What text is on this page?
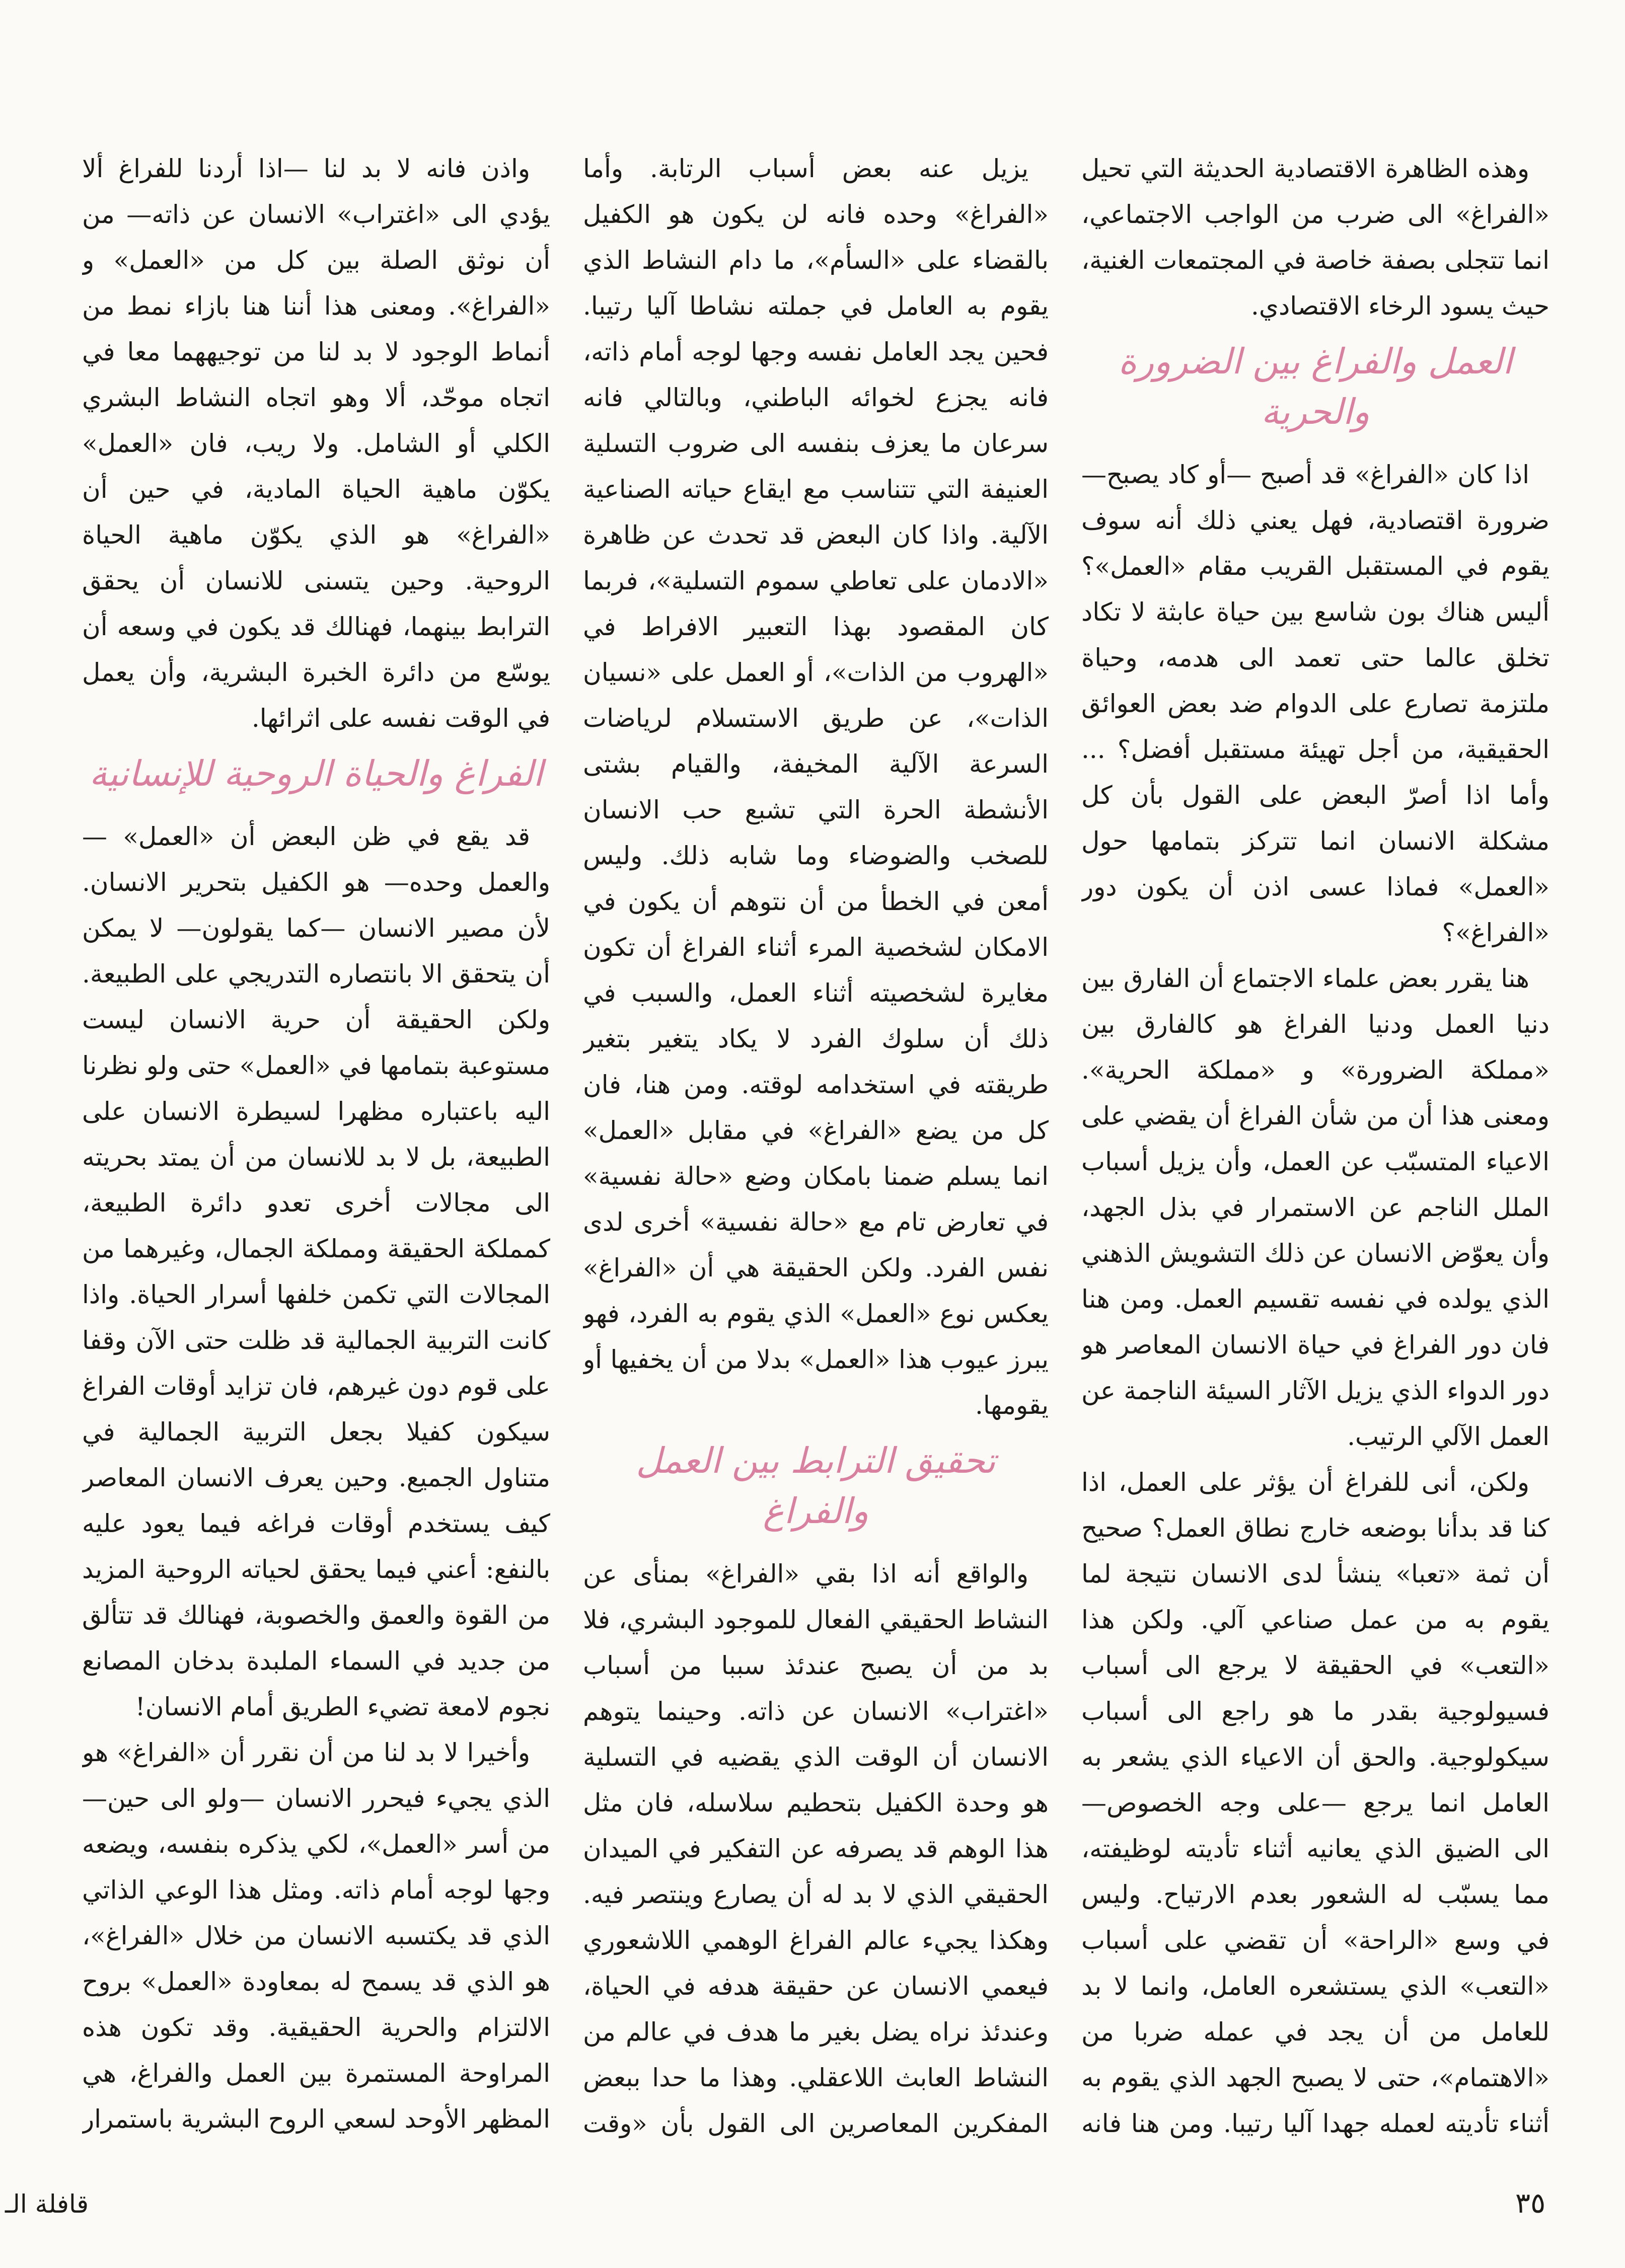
وهذه الظاهرة الاقتصادية الحديثة التي تحيل «الفراغ» الى ضرب من الواجب الاجتماعي، انما تتجلى بصفة خاصة في المجتمعات الغنية، حيث يسود الرخاء الاقتصادي.

العمل والفراغ بين الضرورة والحرية

اذا كان «الفراغ» قد أصبح —أو كاد يصبح— ضرورة اقتصادية، فهل يعني ذلك أنه سوف يقوم في المستقبل القريب مقام «العمل»؟ أليس هناك بون شاسع بين حياة عابثة لا تكاد تخلق عالما حتى تعمد الى هدمه، وحياة ملتزمة تصارع على الدوام ضد بعض العوائق الحقيقية، من أجل تهيئة مستقبل أفضل؟ ... وأما اذا أصرّ البعض على القول بأن كل مشكلة الانسان انما تتركز بتمامها حول «العمل» فماذا عسى اذن أن يكون دور «الفراغ»؟

هنا يقرر بعض علماء الاجتماع أن الفارق بين دنيا العمل ودنيا الفراغ هو كالفارق بين «مملكة الضرورة» و «مملكة الحرية». ومعنى هذا أن من شأن الفراغ أن يقضي على الاعياء المتسبّب عن العمل، وأن يزيل أسباب الملل الناجم عن الاستمرار في بذل الجهد، وأن يعوّض الانسان عن ذلك التشويش الذهني الذي يولده في نفسه تقسيم العمل. ومن هنا فان دور الفراغ في حياة الانسان المعاصر هو دور الدواء الذي يزيل الآثار السيئة الناجمة عن العمل الآلي الرتيب.

ولكن، أنى للفراغ أن يؤثر على العمل، اذا كنا قد بدأنا بوضعه خارج نطاق العمل؟ صحيح أن ثمة «تعبا» ينشأ لدى الانسان نتيجة لما يقوم به من عمل صناعي آلي. ولكن هذا «التعب» في الحقيقة لا يرجع الى أسباب فسيولوجية بقدر ما هو راجع الى أسباب سيكولوجية. والحق أن الاعياء الذي يشعر به العامل انما يرجع —على وجه الخصوص— الى الضيق الذي يعانيه أثناء تأديته لوظيفته، مما يسبّب له الشعور بعدم الارتياح. وليس في وسع «الراحة» أن تقضي على أسباب «التعب» الذي يستشعره العامل، وانما لا بد للعامل من أن يجد في عمله ضربا من «الاهتمام»، حتى لا يصبح الجهد الذي يقوم به أثناء تأديته لعمله جهدا آليا رتيبا. ومن هنا فانه

يزيل عنه بعض أسباب الرتابة. وأما «الفراغ» وحده فانه لن يكون هو الكفيل بالقضاء على «السأم»، ما دام النشاط الذي يقوم به العامل في جملته نشاطا آليا رتيبا. فحين يجد العامل نفسه وجها لوجه أمام ذاته، فانه يجزع لخوائه الباطني، وبالتالي فانه سرعان ما يعزف بنفسه الى ضروب التسلية العنيفة التي تتناسب مع ايقاع حياته الصناعية الآلية. واذا كان البعض قد تحدث عن ظاهرة «الادمان على تعاطي سموم التسلية»، فربما كان المقصود بهذا التعبير الافراط في «الهروب من الذات»، أو العمل على «نسيان الذات»، عن طريق الاستسلام لرياضات السرعة الآلية المخيفة، والقيام بشتى الأنشطة الحرة التي تشبع حب الانسان للصخب والضوضاء وما شابه ذلك. وليس أمعن في الخطأ من أن نتوهم أن يكون في الامكان لشخصية المرء أثناء الفراغ أن تكون مغايرة لشخصيته أثناء العمل، والسبب في ذلك أن سلوك الفرد لا يكاد يتغير بتغير طريقته في استخدامه لوقته. ومن هنا، فان كل من يضع «الفراغ» في مقابل «العمل» انما يسلم ضمنا بامكان وضع «حالة نفسية» في تعارض تام مع «حالة نفسية» أخرى لدى نفس الفرد. ولكن الحقيقة هي أن «الفراغ» يعكس نوع «العمل» الذي يقوم به الفرد، فهو يبرز عيوب هذا «العمل» بدلا من أن يخفيها أو يقومها.

تحقيق الترابط بين العمل والفراغ

والواقع أنه اذا بقي «الفراغ» بمنأى عن النشاط الحقيقي الفعال للموجود البشري، فلا بد من أن يصبح عندئذ سببا من أسباب «اغتراب» الانسان عن ذاته. وحينما يتوهم الانسان أن الوقت الذي يقضيه في التسلية هو وحدة الكفيل بتحطيم سلاسله، فان مثل هذا الوهم قد يصرفه عن التفكير في الميدان الحقيقي الذي لا بد له أن يصارع وينتصر فيه. وهكذا يجيء عالم الفراغ الوهمي اللاشعوري فيعمي الانسان عن حقيقة هدفه في الحياة، وعندئذ نراه يضل بغير ما هدف في عالم من النشاط العابث اللاعقلي. وهذا ما حدا ببعض المفكرين المعاصرين الى القول بأن «وقت

واذن فانه لا بد لنا —اذا أردنا للفراغ ألا يؤدي الى «اغتراب» الانسان عن ذاته— من أن نوثق الصلة بين كل من «العمل» و «الفراغ». ومعنى هذا أننا هنا بازاء نمط من أنماط الوجود لا بد لنا من توجيههما معا في اتجاه موحّد، ألا وهو اتجاه النشاط البشري الكلي أو الشامل. ولا ريب، فان «العمل» يكوّن ماهية الحياة المادية، في حين أن «الفراغ» هو الذي يكوّن ماهية الحياة الروحية. وحين يتسنى للانسان أن يحقق الترابط بينهما، فهنالك قد يكون في وسعه أن يوسّع من دائرة الخبرة البشرية، وأن يعمل في الوقت نفسه على اثرائها.

الفراغ والحياة الروحية للإنسانية

قد يقع في ظن البعض أن «العمل» —والعمل وحده— هو الكفيل بتحرير الانسان. لأن مصير الانسان —كما يقولون— لا يمكن أن يتحقق الا بانتصاره التدريجي على الطبيعة. ولكن الحقيقة أن حرية الانسان ليست مستوعبة بتمامها في «العمل» حتى ولو نظرنا اليه باعتباره مظهرا لسيطرة الانسان على الطبيعة، بل لا بد للانسان من أن يمتد بحريته الى مجالات أخرى تعدو دائرة الطبيعة، كمملكة الحقيقة ومملكة الجمال، وغيرهما من المجالات التي تكمن خلفها أسرار الحياة. واذا كانت التربية الجمالية قد ظلت حتى الآن وقفا على قوم دون غيرهم، فان تزايد أوقات الفراغ سيكون كفيلا بجعل التربية الجمالية في متناول الجميع. وحين يعرف الانسان المعاصر كيف يستخدم أوقات فراغه فيما يعود عليه بالنفع: أعني فيما يحقق لحياته الروحية المزيد من القوة والعمق والخصوبة، فهنالك قد تتألق من جديد في السماء الملبدة بدخان المصانع نجوم لامعة تضيء الطريق أمام الانسان!

وأخيرا لا بد لنا من أن نقرر أن «الفراغ» هو الذي يجيء فيحرر الانسان —ولو الى حين— من أسر «العمل»، لكي يذكره بنفسه، ويضعه وجها لوجه أمام ذاته. ومثل هذا الوعي الذاتي الذي قد يكتسبه الانسان من خلال «الفراغ»، هو الذي قد يسمح له بمعاودة «العمل» بروح الالتزام والحرية الحقيقية. وقد تكون هذه المراوحة المستمرة بين العمل والفراغ، هي المظهر الأوحد لسعي الروح البشرية باستمرار

٣٥
قافلة الـ
